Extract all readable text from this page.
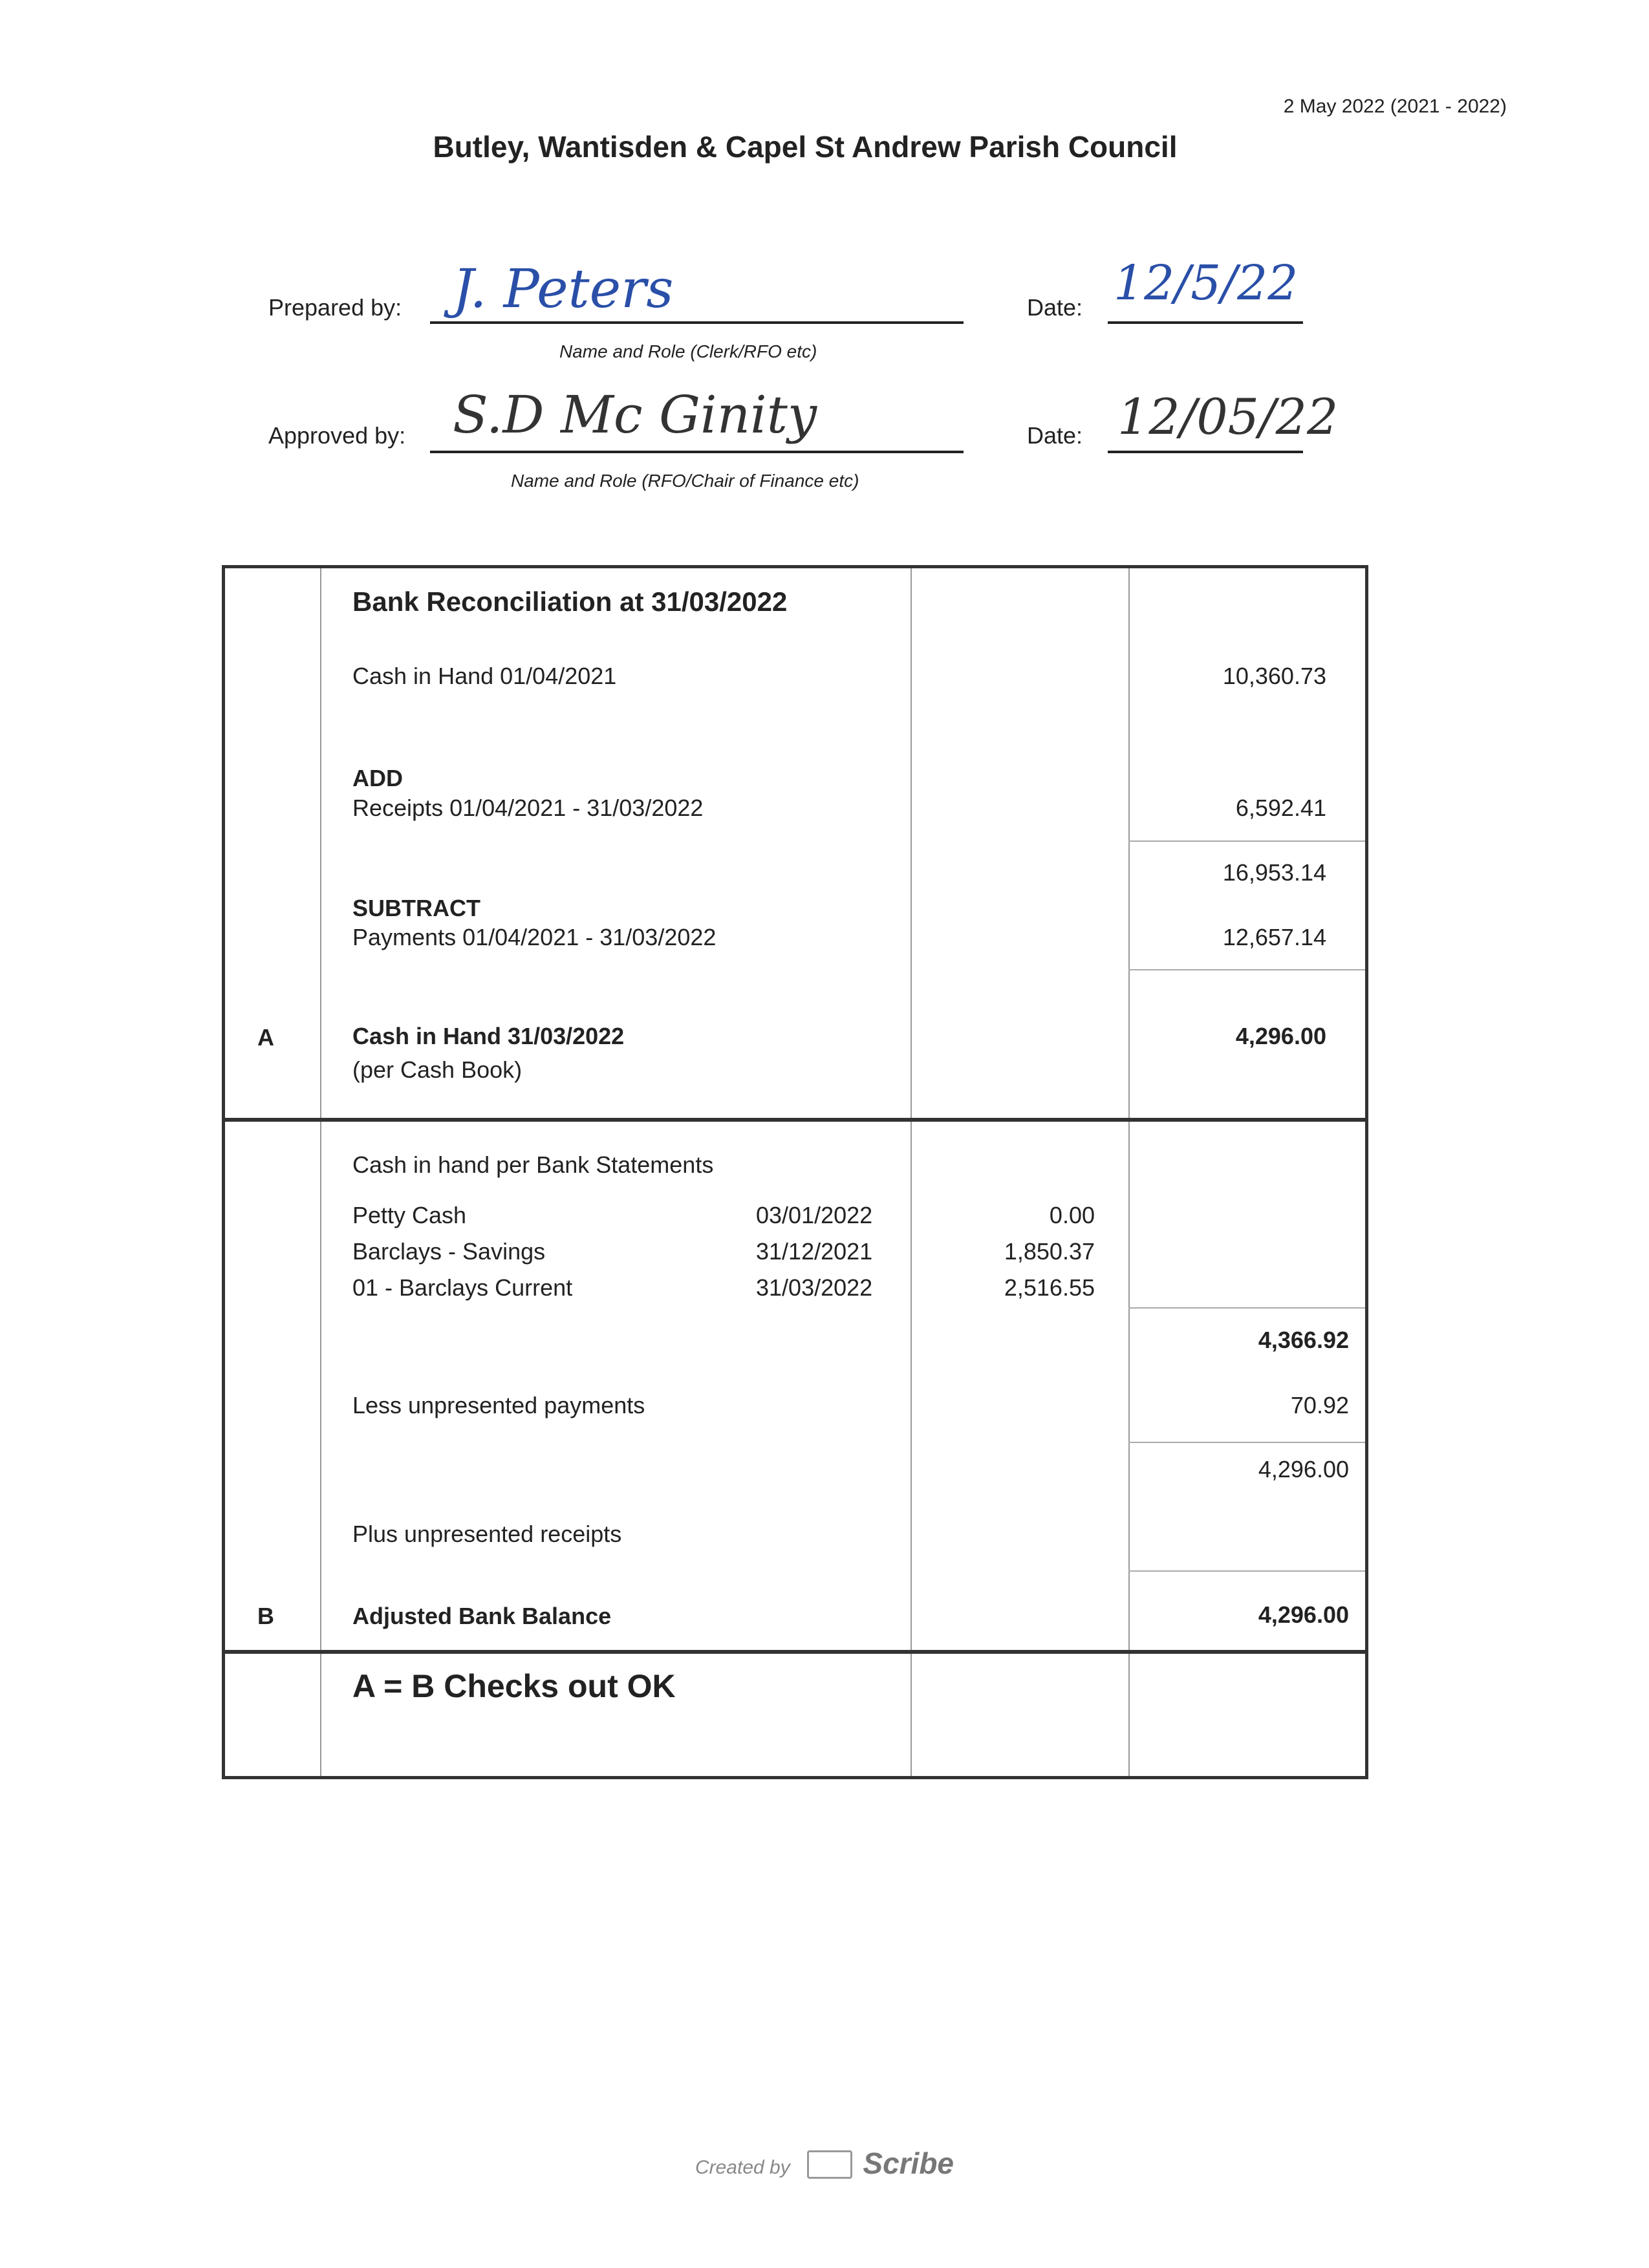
2 May 2022 (2021 - 2022)
Butley, Wantisden & Capel St Andrew Parish Council
Prepared by: J. Peters
Name and Role (Clerk/RFO etc)
Date: 12/5/22
Approved by: S.D Mc Ginity
Name and Role (RFO/Chair of Finance etc)
Date: 12/05/22
Bank Reconciliation at 31/03/2022
Cash in Hand 01/04/2021	10,360.73
ADD
Receipts 01/04/2021 - 31/03/2022	6,592.41
16,953.14
SUBTRACT
Payments 01/04/2021 - 31/03/2022	12,657.14
A	Cash in Hand 31/03/2022
(per Cash Book)
4,296.00
Cash in hand per Bank Statements
Petty Cash	03/01/2022	0.00
Barclays - Savings	31/12/2021	1,850.37
01 - Barclays Current	31/03/2022	2,516.55
4,366.92
Less unpresented payments	70.92
4,296.00
Plus unpresented receipts
B	Adjusted Bank Balance	4,296.00
A = B Checks out OK
Created by Scribe
